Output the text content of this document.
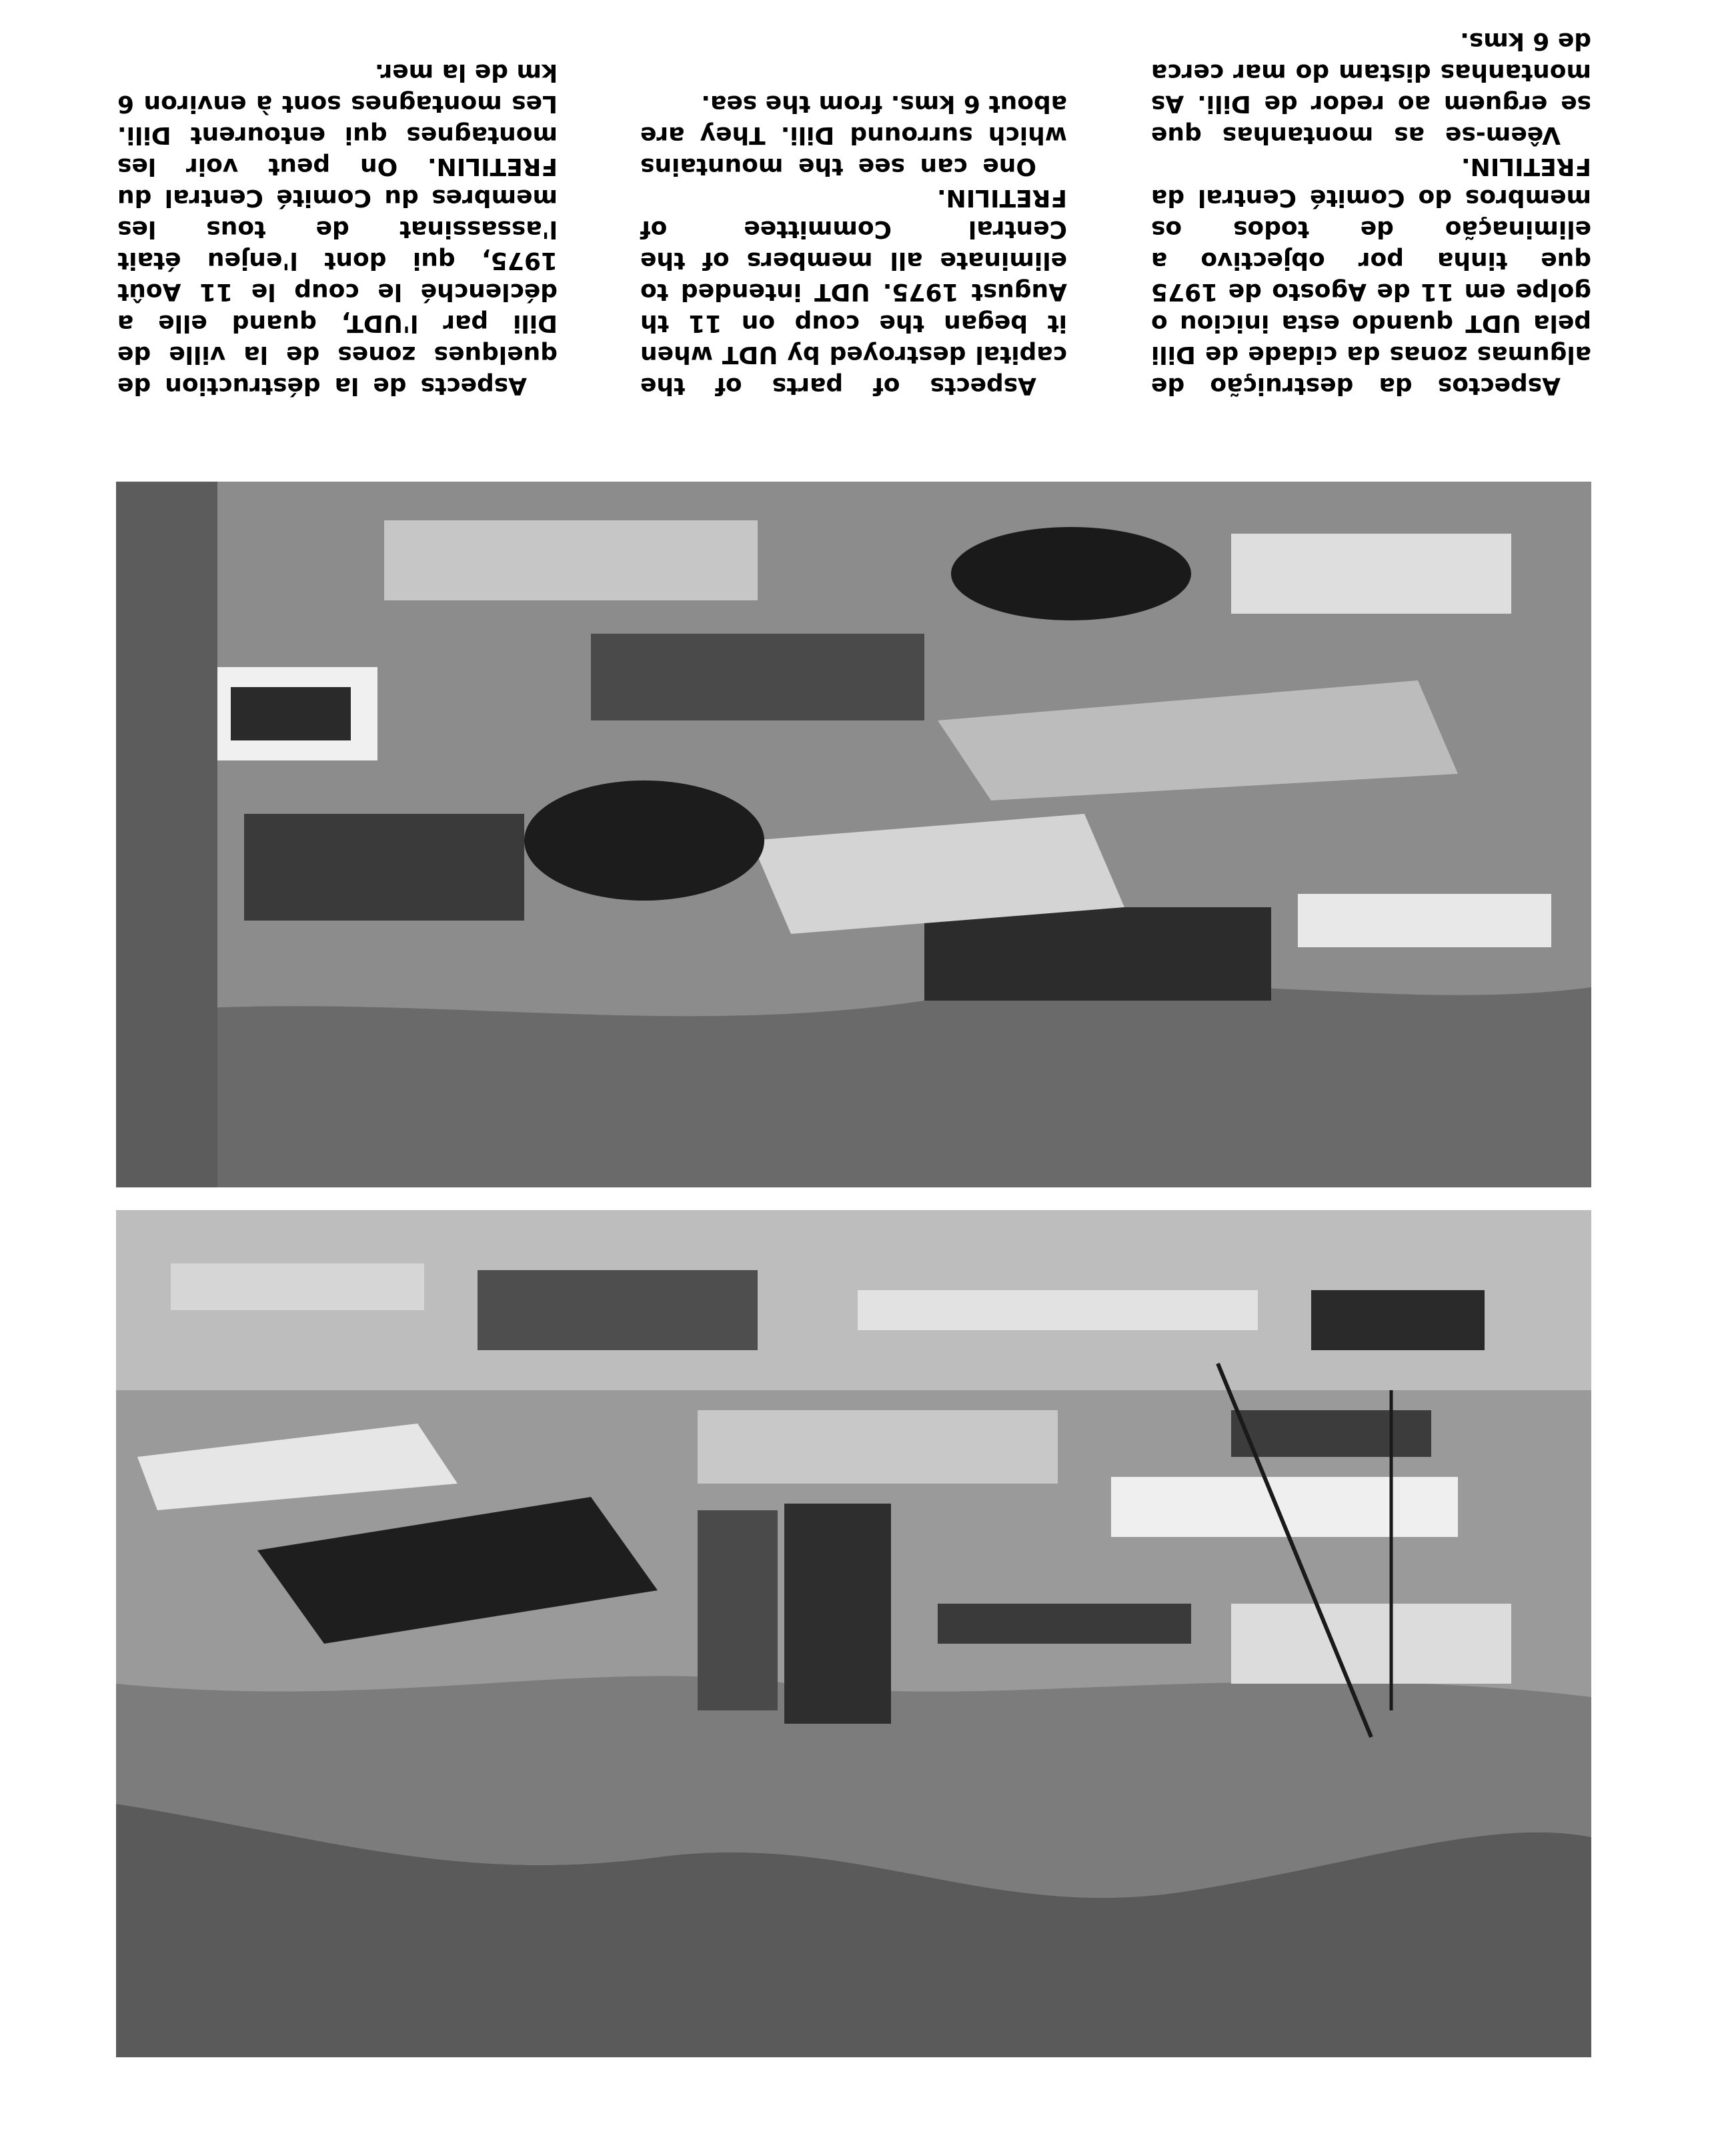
Aspectos da destruição de algumas zonas da cidade de Dili pela UDT quando esta iniciou o golpe em 11 de Agosto de 1975 que tinha por objectivo a eliminação de todos os membros do Comité Central da FRETILIN.

Vêem-se as montanhas que se erguem ao redor de Dili. As montanhas distam do mar cerca de 6 kms.

Aspects of parts of the capital destroyed by UDT when it began the coup on 11 th August 1975. UDT intended to eliminate all members of the Central Committee of FRETILIN.

One can see the mountains which surround Dili. They are about 6 kms. from the sea.

Aspects de la déstruction de quelques zones de la ville de Dili par l'UDT, quand elle a déclenché le coup le 11 Août 1975, qui dont l'enjeu était l'assassinat de tous les membres du Comité Central du FRETILIN. On peut voir les montagnes qui entourent Dili. Les montagnes sont à environ 6 km de la mer.
